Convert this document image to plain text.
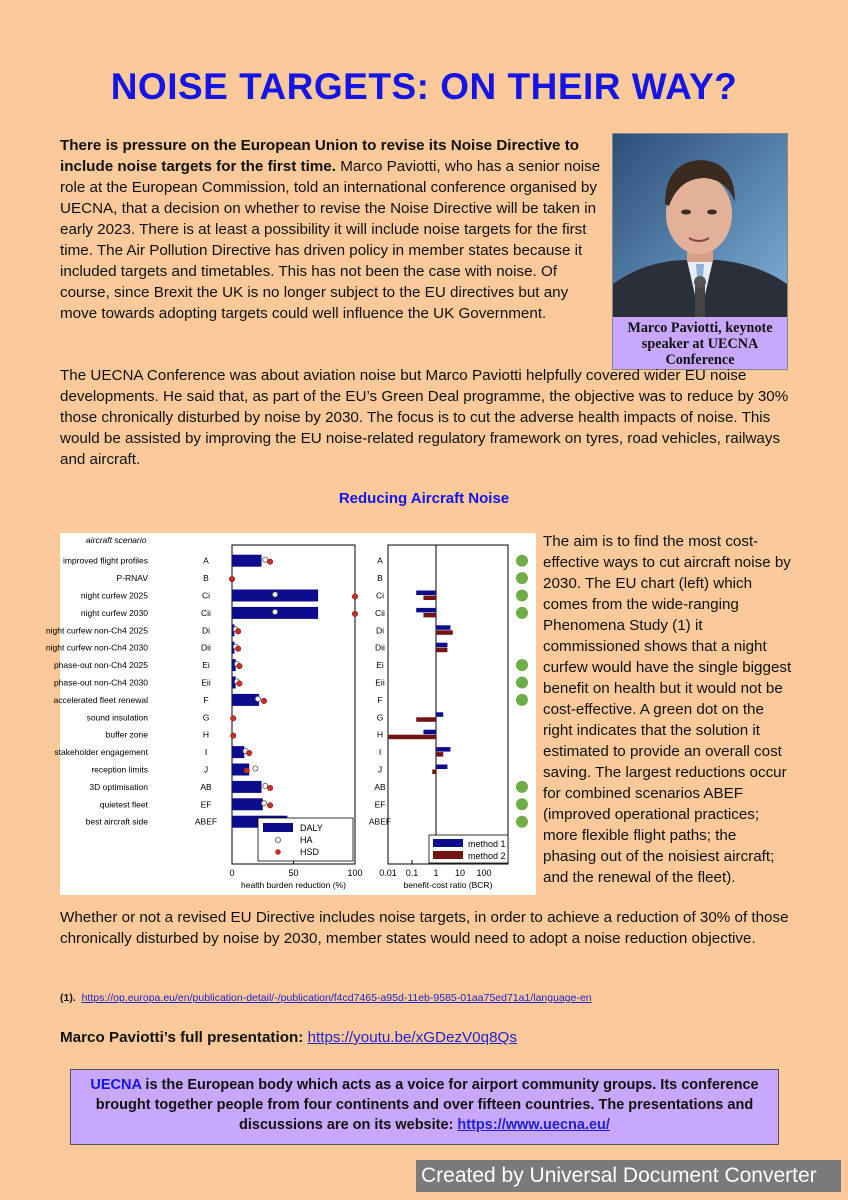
NOISE TARGETS: ON THEIR WAY?
There is pressure on the European Union to revise its Noise Directive to include noise targets for the first time. Marco Paviotti, who has a senior noise role at the European Commission, told an international conference organised by UECNA, that a decision on whether to revise the Noise Directive will be taken in early 2023. There is at least a possibility it will include noise targets for the first time. The Air Pollution Directive has driven policy in member states because it included targets and timetables. This has not been the case with noise. Of course, since Brexit the UK is no longer subject to the EU directives but any move towards adopting targets could well influence the UK Government.
Marco Paviotti, keynote speaker at UECNA Conference
The UECNA Conference was about aviation noise but Marco Paviotti helpfully covered wider EU noise developments. He said that, as part of the EU’s Green Deal programme, the objective was to reduce by 30% those chronically disturbed by noise by 2030. The focus is to cut the adverse health impacts of noise. This would be assisted by improving the EU noise-related regulatory framework on tyres, road vehicles, railways and aircraft.
Reducing Aircraft Noise
aircraft scenario
improved flight profiles	A
P-RNAV	B
night curfew 2025	Ci
night curfew 2030	Cii
night curfew non-Ch4 2025	Di
night curfew non-Ch4 2030	Dii
phase-out non-Ch4 2025	Ei
phase-out non-Ch4 2030	Eii
accelerated fleet renewal	F
sound insulation	G
buffer zone	H
stakeholder engagement	I
reception limits	J
3D optimisation	AB
quietest fleet	EF
best aircraft side	ABEF
0	50	100
health burden reduction (%)
DALY
HA
HSD
A
B
Ci
Cii
Di
Dii
Ei
Eii
F
G
H
I
J
AB
EF
ABEF
0.01 0.1 1 10 100
benefit-cost ratio (BCR)
method 1
method 2
The aim is to find the most cost-effective ways to cut aircraft noise by 2030. The EU chart (left) which comes from the wide-ranging Phenomena Study (1) it commissioned shows that a night curfew would have the single biggest benefit on health but it would not be cost-effective. A green dot on the right indicates that the solution it estimated to provide an overall cost saving. The largest reductions occur for combined scenarios ABEF (improved operational practices; more flexible flight paths; the phasing out of the noisiest aircraft; and the renewal of the fleet).
Whether or not a revised EU Directive includes noise targets, in order to achieve a reduction of 30% of those chronically disturbed by noise by 2030, member states would need to adopt a noise reduction objective.
(1). https://op.europa.eu/en/publication-detail/-/publication/f4cd7465-a95d-11eb-9585-01aa75ed71a1/language-en
Marco Paviotti’s full presentation: https://youtu.be/xGDezV0q8Qs
UECNA is the European body which acts as a voice for airport community groups. Its conference brought together people from four continents and over fifteen countries. The presentations and discussions are on its website: https://www.uecna.eu/
Created by Universal Document Converter
